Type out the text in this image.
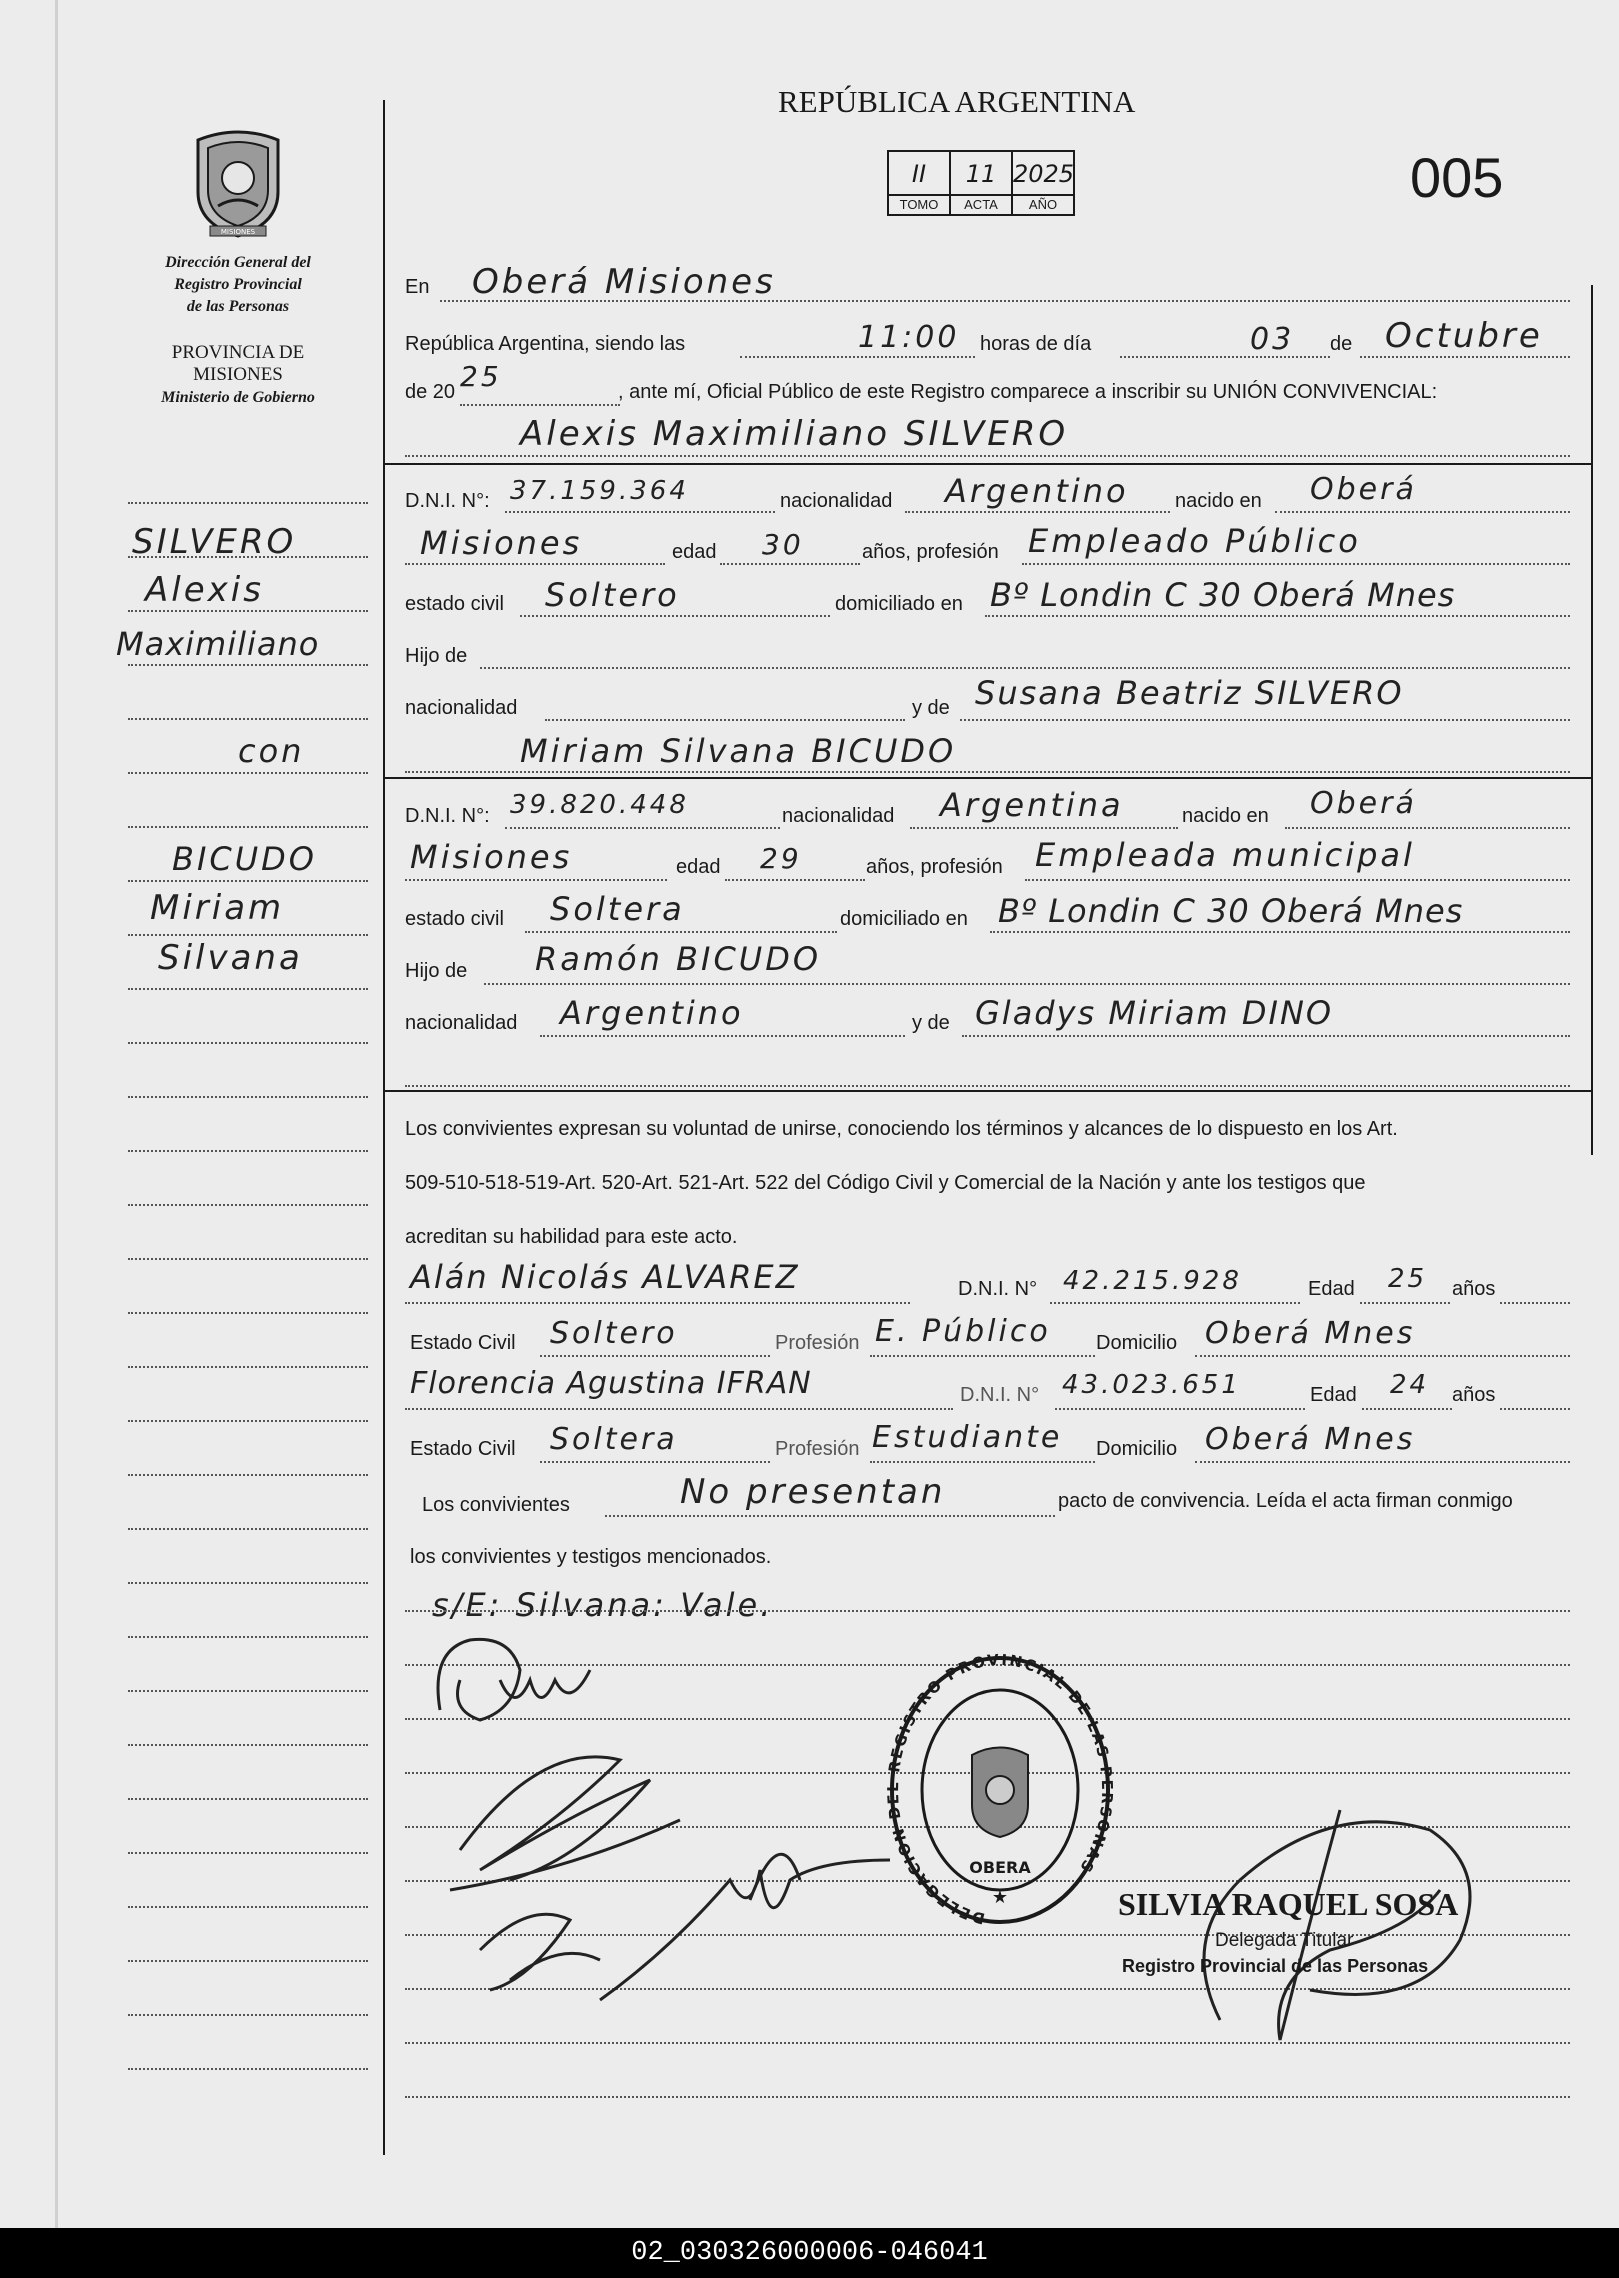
REPÚBLICA ARGENTINA
005
II
TOMO
11
ACTA
2025
AÑO
MISIONES
Dirección General del
Registro Provincial
de las Personas
PROVINCIA DE
MISIONES
Ministerio de Gobierno
SILVERO
Alexis
Maximiliano
con
BICUDO
Miriam
Silvana
En Oberá Misiones
República Argentina, siendo las	11:00 horas de día	03 de Octubre
de 20 25	, ante mí, Oficial Público de este Registro comparece a inscribir su UNIÓN CONVIVENCIAL:
Alexis Maximiliano SILVERO
D.N.I. N°: 37.159.364	nacionalidad Argentino nacido en Oberá
Misiones	edad 30	años, profesión Empleado Público
estado civil Soltero	domiciliado en Bº Londin C 30 Oberá Mnes
Hijo de
nacionalidad	y de Susana Beatriz SILVERO
Miriam Silvana BICUDO
D.N.I. N°: 39.820.448	nacionalidad Argentina	nacido en Oberá
Misiones	edad 29	años, profesión Empleada municipal
estado civil Soltera	domiciliado en Bº Londin C 30 Oberá Mnes
Hijo de Ramón BICUDO
nacionalidad Argentino	y de Gladys Miriam DINO
Los convivientes expresan su voluntad de unirse, conociendo los términos y alcances de lo dispuesto en los Art.
509-510-518-519-Art. 520-Art. 521-Art. 522 del Código Civil y Comercial de la Nación y ante los testigos que
acreditan su habilidad para este acto.
Alán Nicolás ALVAREZ	D.N.I. N° 42.215.928	Edad 25 años
Estado Civil Soltero	Profesión E. Público Domicilio Oberá Mnes
Florencia Agustina IFRAN	D.N.I. N° 43.023.651	Edad 24 años
Estado Civil Soltera	Profesión Estudiante Domicilio Oberá Mnes
Los convivientes	No presentan	pacto de convivencia. Leída el acta firman conmigo
los convivientes y testigos mencionados.
s/E: Silvana: Vale.
DELEGACION DEL REGISTRO PROVINCIAL DE LAS PERSONAS
OBERA
★	SILVIA RAQUEL SOSA
Delegada Titular
Registro Provincial de las Personas
02_030326000006-046041
